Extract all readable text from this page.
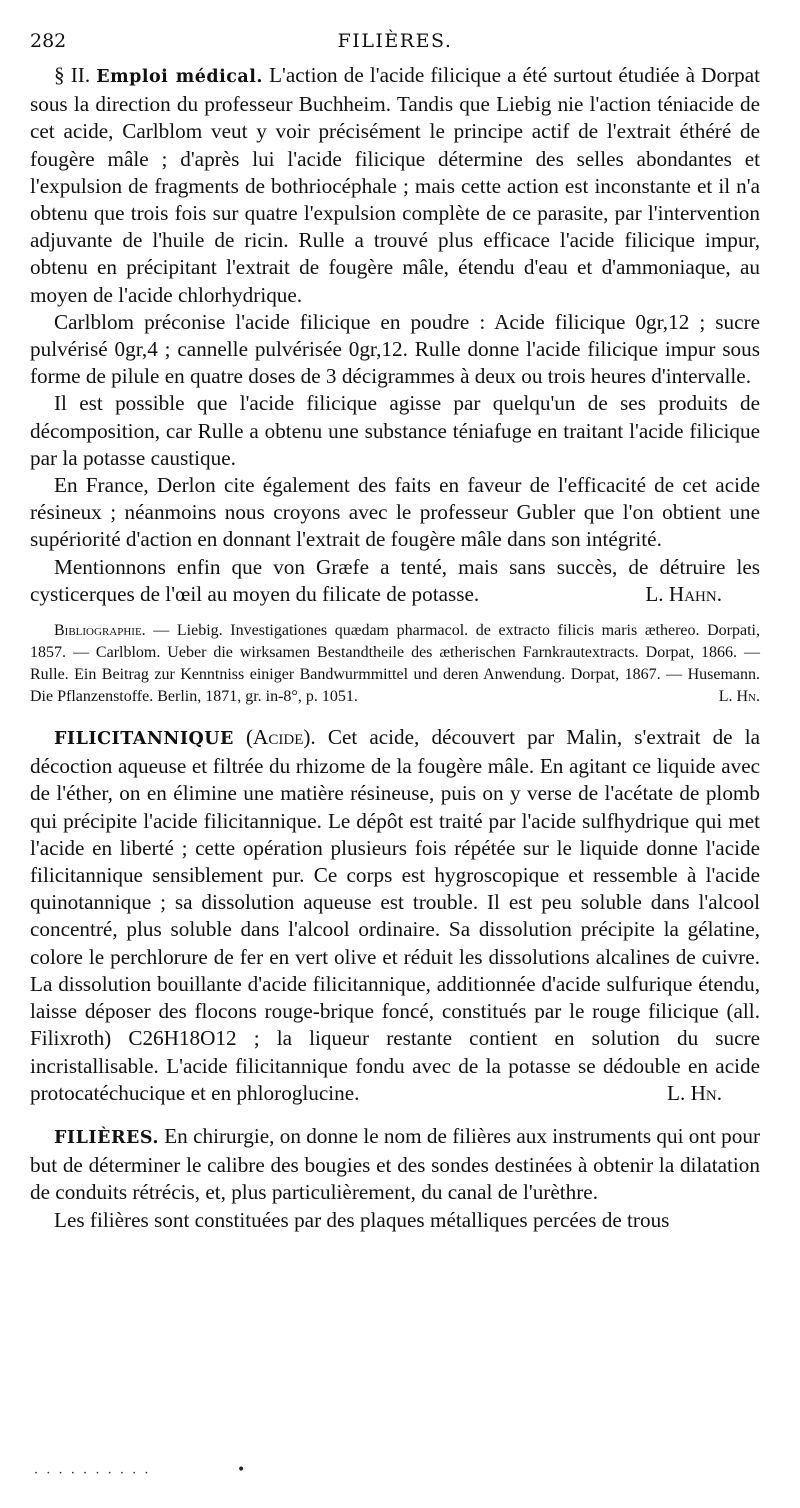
282	FILIÈRES.

§ II. Emploi médical. L'action de l'acide filicique a été surtout étudiée à Dorpat sous la direction du professeur Buchheim. Tandis que Liebig nie l'action téniacide de cet acide, Carlblom veut y voir précisément le principe actif de l'extrait éthéré de fougère mâle ; d'après lui l'acide filicique détermine des selles abondantes et l'expulsion de fragments de bothriocéphale ; mais cette action est inconstante et il n'a obtenu que trois fois sur quatre l'expulsion complète de ce parasite, par l'intervention adjuvante de l'huile de ricin. Rulle a trouvé plus efficace l'acide filicique impur, obtenu en précipitant l'extrait de fougère mâle, étendu d'eau et d'ammoniaque, au moyen de l'acide chlorhydrique.

Carlblom préconise l'acide filicique en poudre : Acide filicique 0gr,12 ; sucre pulvérisé 0gr,4 ; cannelle pulvérisée 0gr,12. Rulle donne l'acide filicique impur sous forme de pilule en quatre doses de 3 décigrammes à deux ou trois heures d'intervalle.

Il est possible que l'acide filicique agisse par quelqu'un de ses produits de décomposition, car Rulle a obtenu une substance téniafuge en traitant l'acide filicique par la potasse caustique.

En France, Derlon cite également des faits en faveur de l'efficacité de cet acide résineux ; néanmoins nous croyons avec le professeur Gubler que l'on obtient une supériorité d'action en donnant l'extrait de fougère mâle dans son intégrité.

Mentionnons enfin que von Græfe a tenté, mais sans succès, de détruire les cysticerques de l'œil au moyen du filicate de potasse.	L. Hahn.

Bibliographie. — Liebig. Investigationes quædam pharmacol. de extracto filicis maris æthereo. Dorpati, 1857. — Carlblom. Ueber die wirksamen Bestandtheile des ætherischen Farnkrautextracts. Dorpat, 1866. — Rulle. Ein Beitrag zur Kenntniss einiger Bandwurmmittel und deren Anwendung. Dorpat, 1867. — Husemann. Die Pflanzenstoffe. Berlin, 1871, gr. in-8°, p. 1051.	L. Hn.

FILICITANNIQUE (Acide). Cet acide, découvert par Malin, s'extrait de la décoction aqueuse et filtrée du rhizome de la fougère mâle. En agitant ce liquide avec de l'éther, on en élimine une matière résineuse, puis on y verse de l'acétate de plomb qui précipite l'acide filicitannique. Le dépôt est traité par l'acide sulfhydrique qui met l'acide en liberté ; cette opération plusieurs fois répétée sur le liquide donne l'acide filicitannique sensiblement pur. Ce corps est hygroscopique et ressemble à l'acide quinotannique ; sa dissolution aqueuse est trouble. Il est peu soluble dans l'alcool concentré, plus soluble dans l'alcool ordinaire. Sa dissolution précipite la gélatine, colore le perchlorure de fer en vert olive et réduit les dissolutions alcalines de cuivre. La dissolution bouillante d'acide filicitannique, additionnée d'acide sulfurique étendu, laisse déposer des flocons rouge-brique foncé, constitués par le rouge filicique (all. Filixroth) C26H18O12 ; la liqueur restante contient en solution du sucre incristallisable. L'acide filicitannique fondu avec de la potasse se dédouble en acide protocatéchucique et en phloroglucine.	L. Hn.

FILIÈRES. En chirurgie, on donne le nom de filières aux instruments qui ont pour but de déterminer le calibre des bougies et des sondes destinées à obtenir la dilatation de conduits rétrécis, et, plus particulièrement, du canal de l'urèthre.

Les filières sont constituées par des plaques métalliques percées de trous

· · · · · · · · · ·	•
